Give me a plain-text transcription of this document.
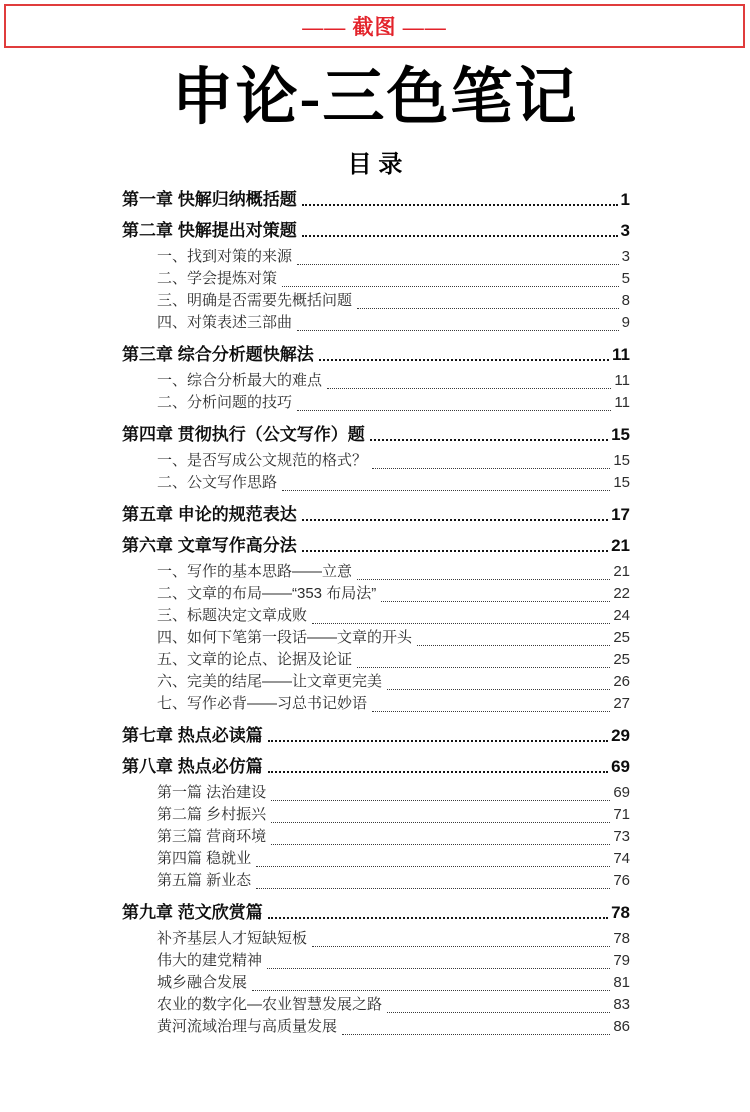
—— 截图 ——
申论-三色笔记
目 录
第一章 快解归纳概括题	1
第二章 快解提出对策题	3
一、找到对策的来源	3
二、学会提炼对策	5
三、明确是否需要先概括问题	8
四、对策表述三部曲	9
第三章 综合分析题快解法	11
一、综合分析最大的难点	11
二、分析问题的技巧	11
第四章 贯彻执行（公文写作）题	15
一、是否写成公文规范的格式？	15
二、公文写作思路	15
第五章 申论的规范表达	17
第六章 文章写作高分法	21
一、写作的基本思路——立意	21
二、文章的布局——“353 布局法”	22
三、标题决定文章成败	24
四、如何下笔第一段话——文章的开头	25
五、文章的论点、论据及论证	25
六、完美的结尾——让文章更完美	26
七、写作必背——习总书记妙语	27
第七章 热点必读篇	29
第八章 热点必仿篇	69
第一篇 法治建设	69
第二篇 乡村振兴	71
第三篇 营商环境	73
第四篇 稳就业	74
第五篇 新业态	76
第九章 范文欣赏篇	78
补齐基层人才短缺短板	78
伟大的建党精神	79
城乡融合发展	81
农业的数字化—农业智慧发展之路	83
黄河流域治理与高质量发展	86
